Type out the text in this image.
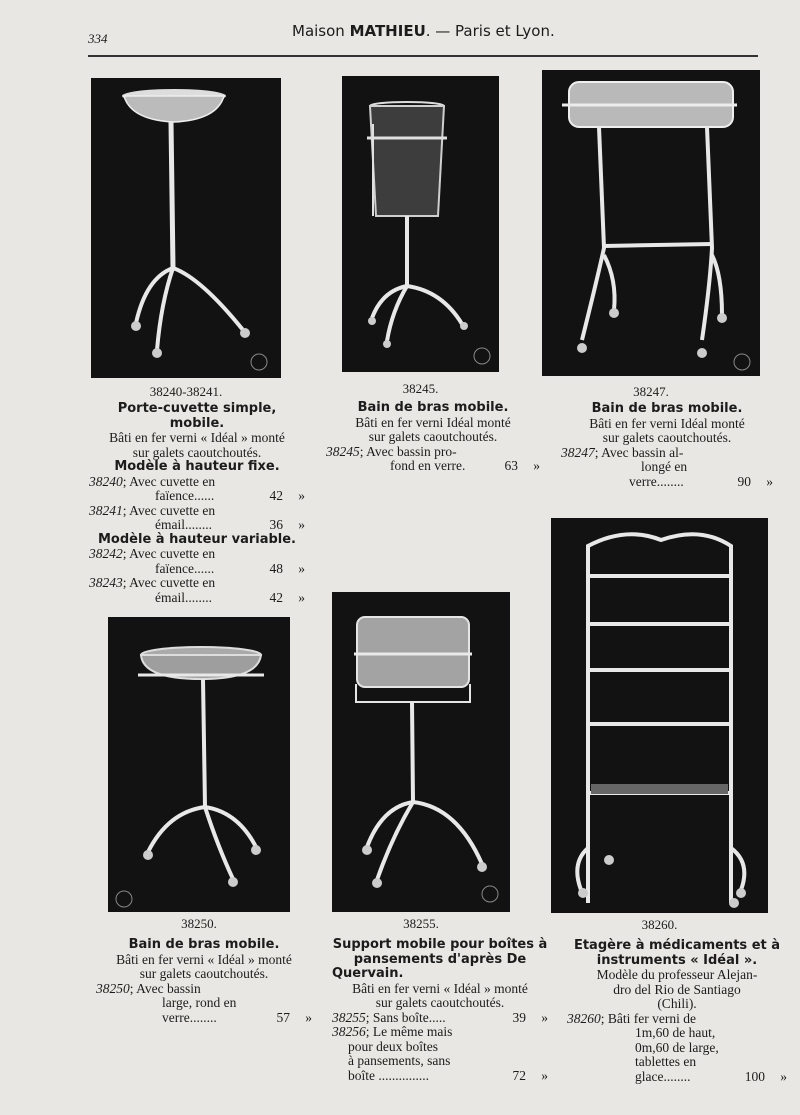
334	Maison MATHIEU. — Paris et Lyon.
38240-38241.	38245.	38247.
Porte-cuvette simple, mobile.
Bâti en fer verni « Idéal » monté
sur galets caoutchoutés.
Modèle à hauteur fixe.
38240 ; Avec cuvette en
faïence......	42	»
38241 ; Avec cuvette en
émail........	36	»
Modèle à hauteur variable.
38242 ; Avec cuvette en
faïence......	48	»
38243 ; Avec cuvette en
émail........	42	»
Bain de bras mobile.
Bâti en fer verni Idéal monté
sur galets caoutchoutés.
38245 ; Avec bassin pro-
fond en verre.	63	»
Bain de bras mobile.
Bâti en fer verni Idéal monté
sur galets caoutchoutés.
38247 ; Avec bassin al-
longé en
verre........	90	»
38250.	38255.	38260.
Bain de bras mobile.
Bâti en fer verni « Idéal » monté
sur galets caoutchoutés.
38250 ; Avec bassin
large, rond en
verre........	57	»
Support mobile pour boîtes à
pansements d'après De
Quervain.
Bâti en fer verni « Idéal » monté
sur galets caoutchoutés.
38255 ; Sans boîte.....	39	»
38256 ; Le même mais
pour deux boîtes
à pansements, sans
boîte ...............	72	»
Etagère à médicaments et à
instruments « Idéal ».
Modèle du professeur Alejan-
dro del Rio de Santiago
(Chili).
38260 ; Bâti fer verni de
1m,60 de haut,
0m,60 de large,
tablettes en
glace........	100	»
